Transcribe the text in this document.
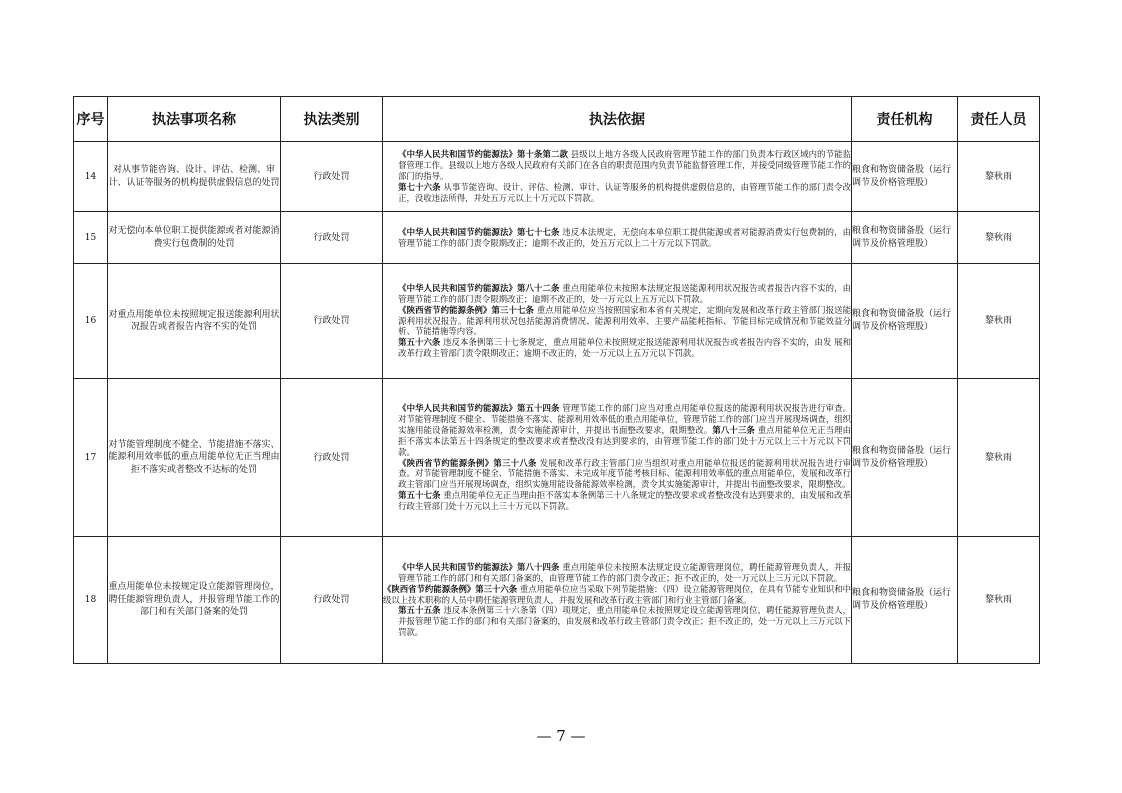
序号	执法事项名称	执法类别	执法依据	责任机构	责任人员
14	对从事节能咨询、设计、评估、检测、审计、认证等服务的机构提供虚假信息的处罚	行政处罚	《中华人民共和国节约能源法》第十条第二款 县级以上地方各级人民政府管理节能工作的部门负责本行政区域内的节能监督管理工作。县级以上地方各级人民政府有关部门在各自的职责范围内负责节能监督管理工作，并接受同级管理节能工作的部门的指导。

第七十六条 从事节能咨询、设计、评估、检测、审计、认证等服务的机构提供虚假信息的，由管理节能工作的部门责令改正，没收违法所得，并处五万元以上十万元以下罚款。	粮食和物资储备股（运行调节及价格管理股）	黎秋雨
15	对无偿向本单位职工提供能源或者对能源消费实行包费制的处罚	行政处罚	《中华人民共和国节约能源法》第七十七条 违反本法规定，无偿向本单位职工提供能源或者对能源消费实行包费制的，由管理节能工作的部门责令限期改正；逾期不改正的，处五万元以上二十万元以下罚款。	粮食和物资储备股（运行调节及价格管理股）	黎秋雨
16	对重点用能单位未按照规定报送能源利用状况报告或者报告内容不实的处罚	行政处罚	《中华人民共和国节约能源法》第八十二条 重点用能单位未按照本法规定报送能源利用状况报告或者报告内容不实的，由管理节能工作的部门责令限期改正；逾期不改正的，处一万元以上五万元以下罚款。

《陕西省节约能源条例》第三十七条 重点用能单位应当按照国家和本省有关规定，定期向发展和改革行政主管部门报送能源利用状况报告。能源利用状况包括能源消费情况、能源利用效率、主要产品能耗指标、节能目标完成情况和节能效益分析、节能措施等内容。

第五十六条 违反本条例第三十七条规定，重点用能单位未按照规定报送能源利用状况报告或者报告内容不实的，由发 展和改革行政主管部门责令限期改正；逾期不改正的，处一万元以上五万元以下罚款。	粮食和物资储备股（运行调节及价格管理股）	黎秋雨
17	对节能管理制度不健全、节能措施不落实、能源利用效率低的重点用能单位无正当理由拒不落实或者整改不达标的处罚	行政处罚	《中华人民共和国节约能源法》第五十四条 管理节能工作的部门应当对重点用能单位报送的能源利用状况报告进行审查。对节能管理制度不健全、节能措施不落实、能源利用效率低的重点用能单位，管理节能工作的部门应当开展现场调查，组织实施用能设备能源效率检测，责令实施能源审计，并提出书面整改要求，限期整改。第八十三条 重点用能单位无正当理由拒不落实本法第五十四条规定的整改要求或者整改没有达到要求的，由管理节能工作的部门处十万元以上三十万元以下罚款。

《陕西省节约能源条例》第三十八条 发展和改革行政主管部门应当组织对重点用能单位报送的能源利用状况报告进行审查。对节能管理制度不健全、节能措施不落实、未完成年度节能考核目标、能源利用效率低的重点用能单位，发展和改革行政主管部门应当开展现场调查，组织实施用能设备能源效率检测，责令其实施能源审计，并提出书面整改要求，限期整改。

第五十七条 重点用能单位无正当理由拒不落实本条例第三十八条规定的整改要求或者整改没有达到要求的，由发展和改革行政主管部门处十万元以上三十万元以下罚款。	粮食和物资储备股（运行调节及价格管理股）	黎秋雨
18	重点用能单位未按规定设立能源管理岗位，聘任能源管理负责人，并报管理节能工作的部门和有关部门备案的处罚	行政处罚	《中华人民共和国节约能源法》第八十四条 重点用能单位未按照本法规定设立能源管理岗位，聘任能源管理负责人，并报管理节能工作的部门和有关部门备案的，由管理节能工作的部门责令改正；拒不改正的，处一万元以上三万元以下罚款。

《陕西省节约能源条例》第三十六条 重点用能单位应当采取下列节能措施：（四）设立能源管理岗位，在具有节能专业知识和中级以上技术职称的人员中聘任能源管理负责人，并报发展和改革行政主管部门和行业主管部门备案。

第五十五条 违反本条例第三十六条第（四）项规定，重点用能单位未按照规定设立能源管理岗位，聘任能源管理负责人，并报管理节能工作的部门和有关部门备案的，由发展和改革行政主管部门责令改正；拒不改正的，处一万元以上三万元以下罚款。	粮食和物资储备股（运行调节及价格管理股）	黎秋雨
— 7 —
